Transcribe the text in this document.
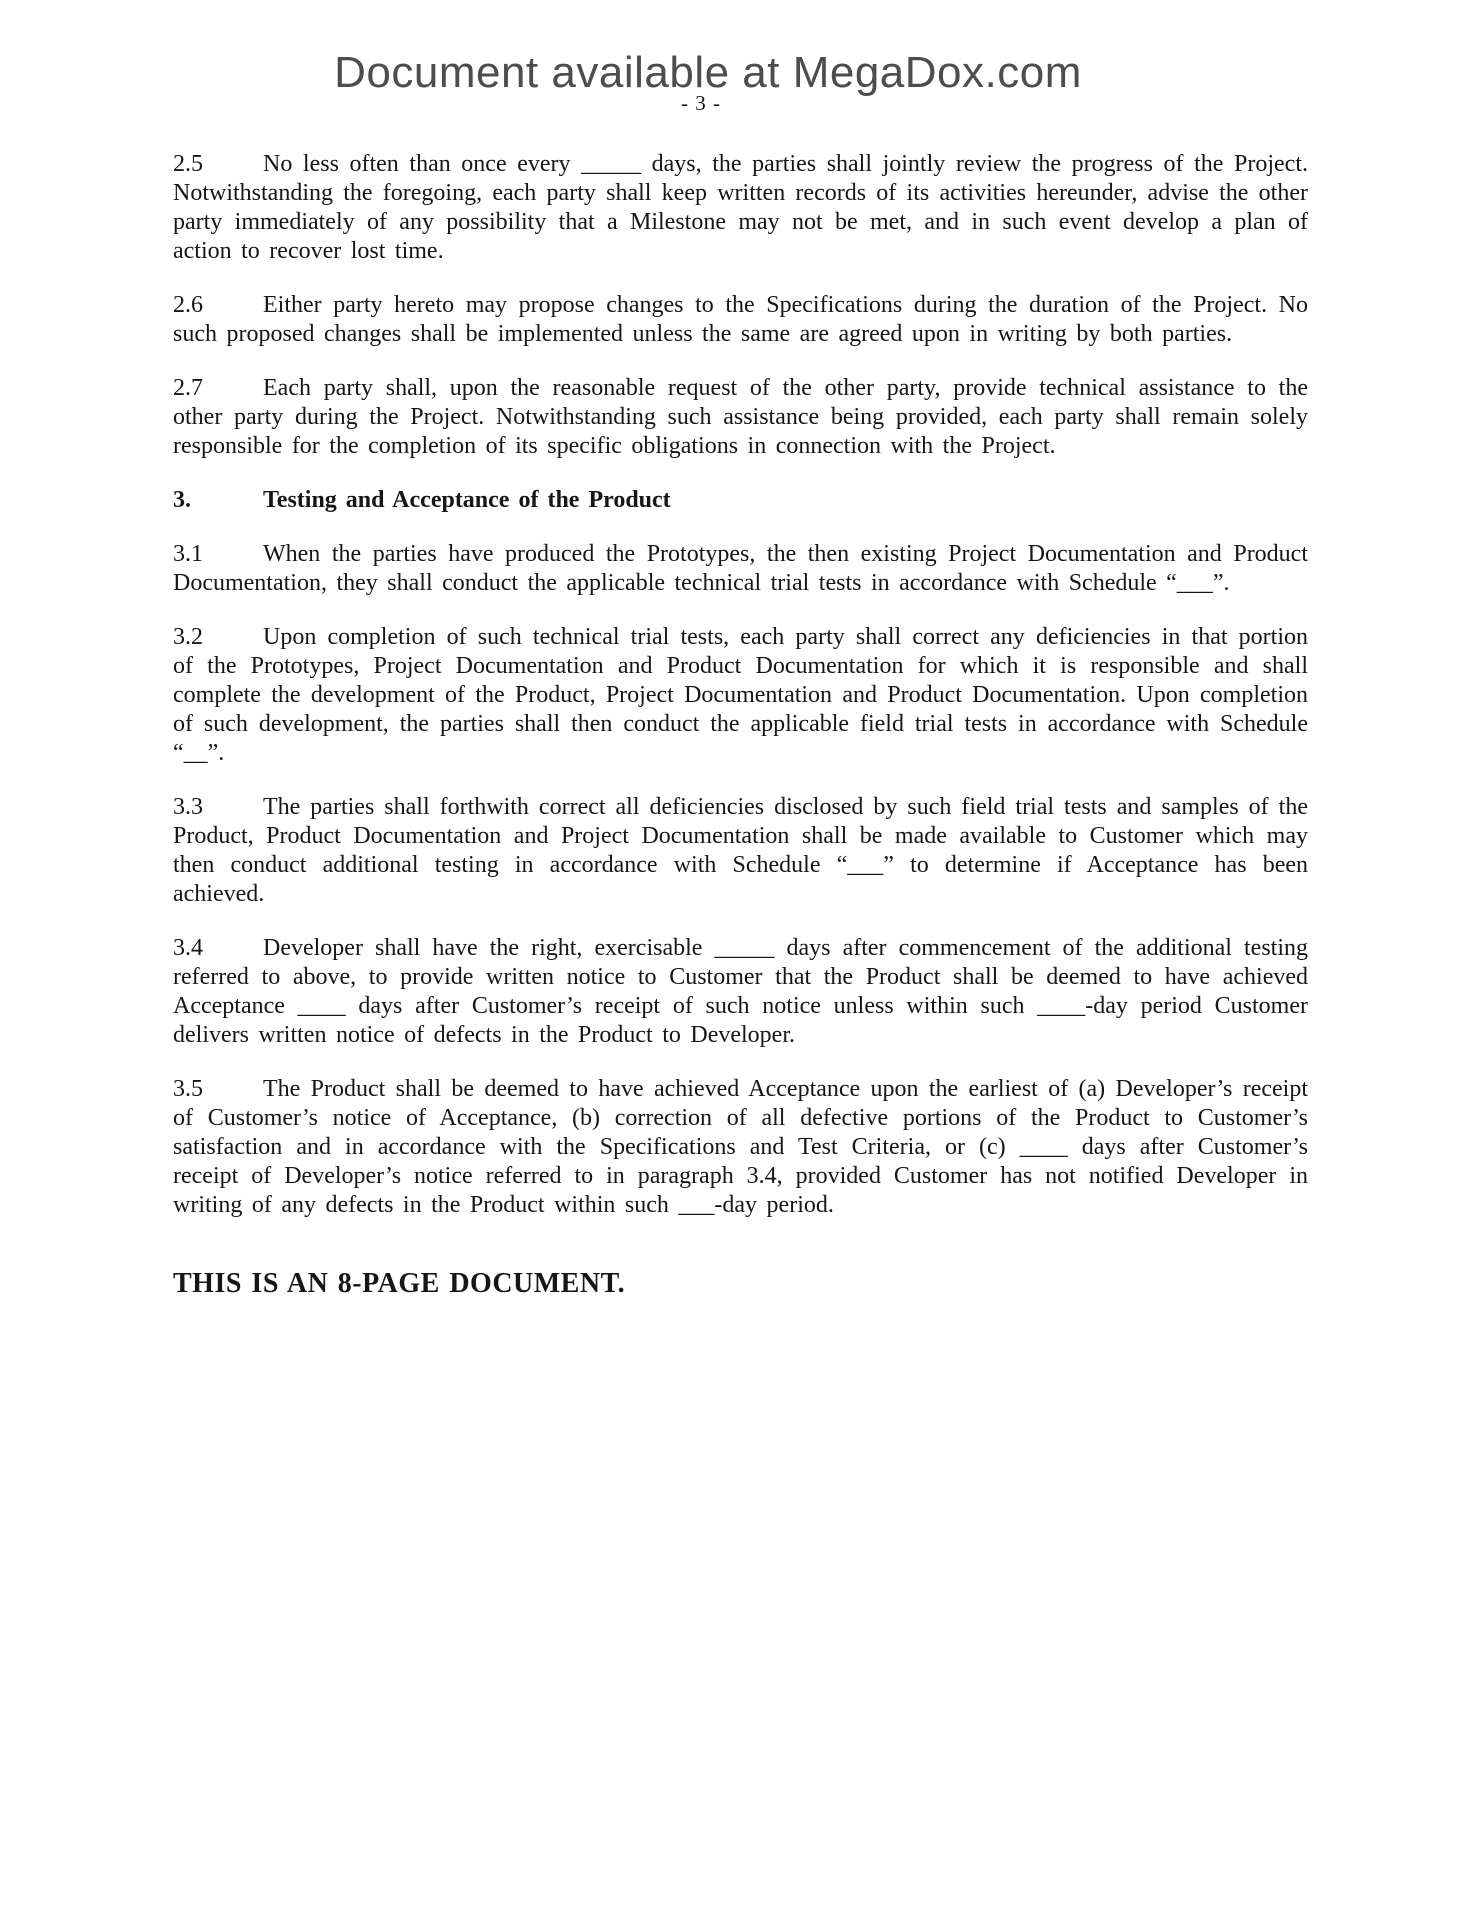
Document available at MegaDox.com
- 3 -

2.5	No less often than once every _____ days, the parties shall jointly review the progress of the Project. Notwithstanding the foregoing, each party shall keep written records of its activities hereunder, advise the other party immediately of any possibility that a Milestone may not be met, and in such event develop a plan of action to recover lost time.

2.6	Either party hereto may propose changes to the Specifications during the duration of the Project. No such proposed changes shall be implemented unless the same are agreed upon in writing by both parties.

2.7	Each party shall, upon the reasonable request of the other party, provide technical assistance to the other party during the Project. Notwithstanding such assistance being provided, each party shall remain solely responsible for the completion of its specific obligations in connection with the Project.

3.	Testing and Acceptance of the Product

3.1	When the parties have produced the Prototypes, the then existing Project Documentation and Product Documentation, they shall conduct the applicable technical trial tests in accordance with Schedule “___”.

3.2	Upon completion of such technical trial tests, each party shall correct any deficiencies in that portion of the Prototypes, Project Documentation and Product Documentation for which it is responsible and shall complete the development of the Product, Project Documentation and Product Documentation. Upon completion of such development, the parties shall then conduct the applicable field trial tests in accordance with Schedule “__”.

3.3	The parties shall forthwith correct all deficiencies disclosed by such field trial tests and samples of the Product, Product Documentation and Project Documentation shall be made available to Customer which may then conduct additional testing in accordance with Schedule “___” to determine if Acceptance has been achieved.

3.4	Developer shall have the right, exercisable _____ days after commencement of the additional testing referred to above, to provide written notice to Customer that the Product shall be deemed to have achieved Acceptance ____ days after Customer’s receipt of such notice unless within such ____-day period Customer delivers written notice of defects in the Product to Developer.

3.5	The Product shall be deemed to have achieved Acceptance upon the earliest of (a) Developer’s receipt of Customer’s notice of Acceptance, (b) correction of all defective portions of the Product to Customer’s satisfaction and in accordance with the Specifications and Test Criteria, or (c) ____ days after Customer’s receipt of Developer’s notice referred to in paragraph 3.4, provided Customer has not notified Developer in writing of any defects in the Product within such ___-day period.

THIS IS AN 8-PAGE DOCUMENT.
